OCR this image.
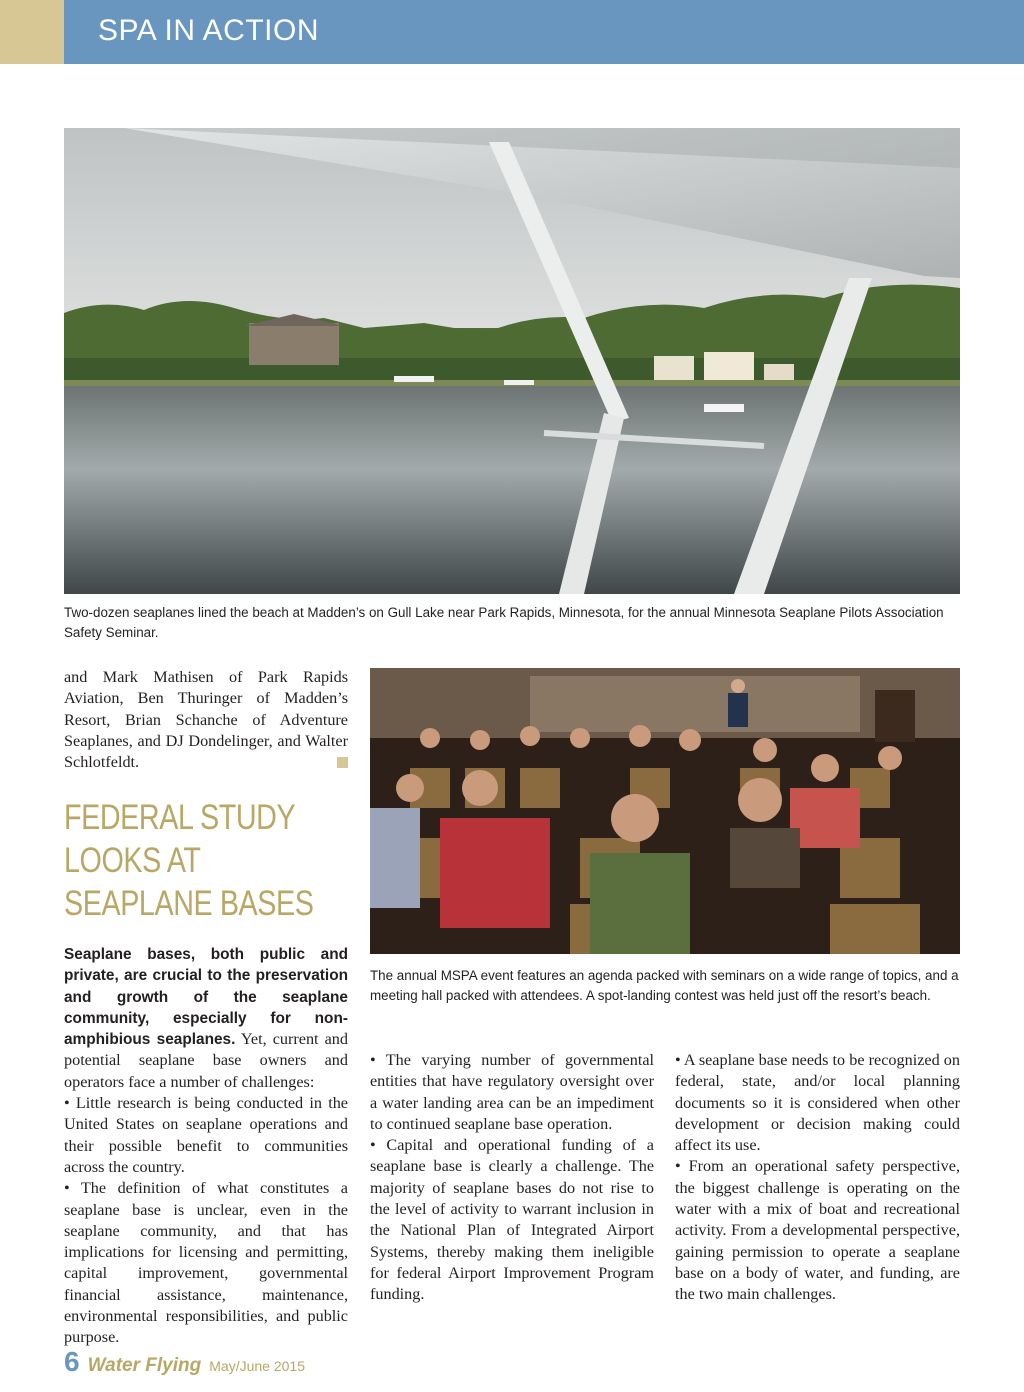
SPA IN ACTION
Two-dozen seaplanes lined the beach at Madden’s on Gull Lake near Park Rapids, Minnesota, for the annual Minnesota Seaplane Pilots Association Safety Seminar.

and Mark Mathisen of Park Rapids Aviation, Ben Thuringer of Madden’s Resort, Brian Schanche of Adventure Seaplanes, and DJ Dondelinger, and Walter Schlotfeldt.

The annual MSPA event features an agenda packed with seminars on a wide range of topics, and a meeting hall packed with attendees. A spot-landing contest was held just off the resort’s beach.
FEDERAL STUDY
LOOKS AT
SEAPLANE BASES

Seaplane bases, both public and private, are crucial to the preservation and growth of the seaplane community, especially for non-amphibious seaplanes. Yet, current and potential seaplane base owners and operators face a number of challenges:

• Little research is being conducted in the United States on seaplane operations and their possible benefit to communities across the country.

• The definition of what constitutes a seaplane base is unclear, even in the seaplane community, and that has implications for licensing and permitting, capital improvement, governmental financial assistance, maintenance, environmental responsibilities, and public purpose.

• The varying number of governmental entities that have regulatory oversight over a water landing area can be an impediment to continued seaplane base operation.

• Capital and operational funding of a seaplane base is clearly a challenge. The majority of seaplane bases do not rise to the level of activity to warrant inclusion in the National Plan of Integrated Airport Systems, thereby making them ineligible for federal Airport Improvement Program funding.

• A seaplane base needs to be recognized on federal, state, and/or local planning documents so it is considered when other development or decision making could affect its use.

• From an operational safety perspective, the biggest challenge is operating on the water with a mix of boat and recreational activity. From a developmental perspective, gaining permission to operate a seaplane base on a body of water, and funding, are the two main challenges.

6 Water Flying May/June 2015
